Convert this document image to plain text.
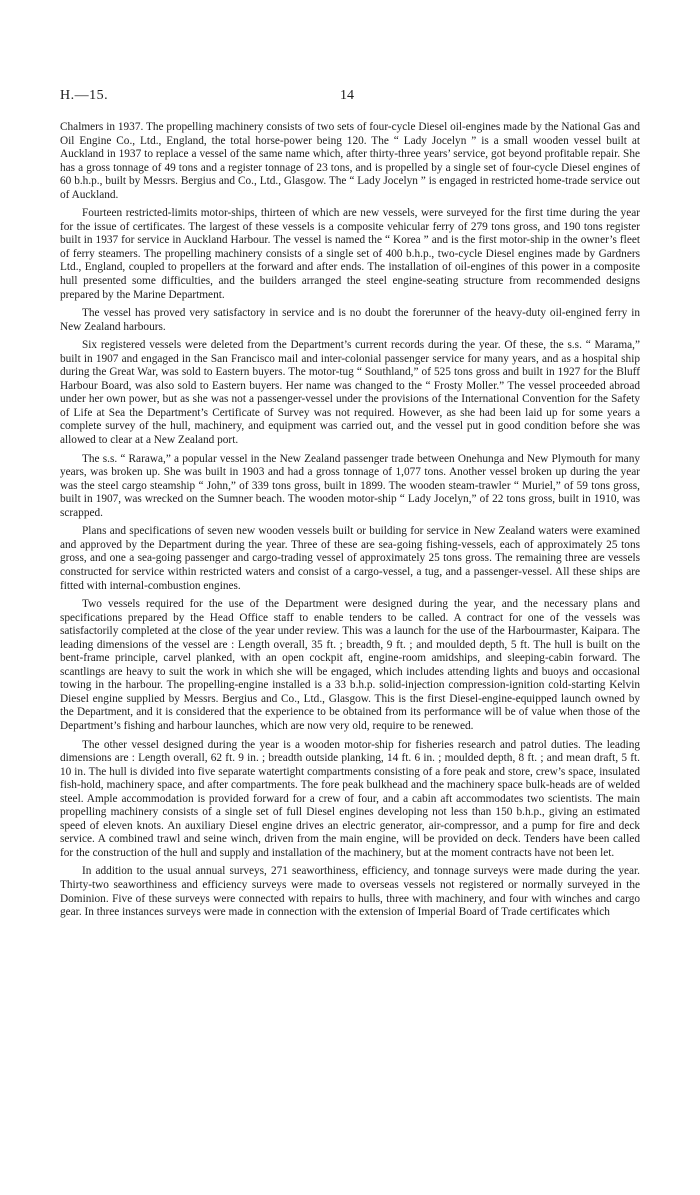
H.—15.	14

Chalmers in 1937. The propelling machinery consists of two sets of four-cycle Diesel oil-engines made by the National Gas and Oil Engine Co., Ltd., England, the total horse-power being 120. The “ Lady Jocelyn ” is a small wooden vessel built at Auckland in 1937 to replace a vessel of the same name which, after thirty-three years’ service, got beyond profitable repair. She has a gross tonnage of 49 tons and a register tonnage of 23 tons, and is propelled by a single set of four-cycle Diesel engines of 60 b.h.p., built by Messrs. Bergius and Co., Ltd., Glasgow. The “ Lady Jocelyn ” is engaged in restricted home-trade service out of Auckland.

Fourteen restricted-limits motor-ships, thirteen of which are new vessels, were surveyed for the first time during the year for the issue of certificates. The largest of these vessels is a composite vehicular ferry of 279 tons gross, and 190 tons register built in 1937 for service in Auckland Harbour. The vessel is named the “ Korea ” and is the first motor-ship in the owner’s fleet of ferry steamers. The propelling machinery consists of a single set of 400 b.h.p., two-cycle Diesel engines made by Gardners Ltd., England, coupled to propellers at the forward and after ends. The installation of oil-engines of this power in a composite hull presented some difficulties, and the builders arranged the steel engine-seating structure from recommended designs prepared by the Marine Department.

The vessel has proved very satisfactory in service and is no doubt the forerunner of the heavy-duty oil-engined ferry in New Zealand harbours.

Six registered vessels were deleted from the Department’s current records during the year. Of these, the s.s. “ Marama,” built in 1907 and engaged in the San Francisco mail and inter-colonial passenger service for many years, and as a hospital ship during the Great War, was sold to Eastern buyers. The motor-tug “ Southland,” of 525 tons gross and built in 1927 for the Bluff Harbour Board, was also sold to Eastern buyers. Her name was changed to the “ Frosty Moller.” The vessel proceeded abroad under her own power, but as she was not a passenger-vessel under the provisions of the International Convention for the Safety of Life at Sea the Department’s Certificate of Survey was not required. However, as she had been laid up for some years a complete survey of the hull, machinery, and equipment was carried out, and the vessel put in good condition before she was allowed to clear at a New Zealand port.

The s.s. “ Rarawa,” a popular vessel in the New Zealand passenger trade between Onehunga and New Plymouth for many years, was broken up. She was built in 1903 and had a gross tonnage of 1,077 tons. Another vessel broken up during the year was the steel cargo steamship “ John,” of 339 tons gross, built in 1899. The wooden steam-trawler “ Muriel,” of 59 tons gross, built in 1907, was wrecked on the Sumner beach. The wooden motor-ship “ Lady Jocelyn,” of 22 tons gross, built in 1910, was scrapped.

Plans and specifications of seven new wooden vessels built or building for service in New Zealand waters were examined and approved by the Department during the year. Three of these are sea-going fishing-vessels, each of approximately 25 tons gross, and one a sea-going passenger and cargo-trading vessel of approximately 25 tons gross. The remaining three are vessels constructed for service within restricted waters and consist of a cargo-vessel, a tug, and a passenger-vessel. All these ships are fitted with internal-combustion engines.

Two vessels required for the use of the Department were designed during the year, and the necessary plans and specifications prepared by the Head Office staff to enable tenders to be called. A contract for one of the vessels was satisfactorily completed at the close of the year under review. This was a launch for the use of the Harbourmaster, Kaipara. The leading dimensions of the vessel are : Length overall, 35 ft. ; breadth, 9 ft. ; and moulded depth, 5 ft. The hull is built on the bent-frame principle, carvel planked, with an open cockpit aft, engine-room amidships, and sleeping-cabin forward. The scantlings are heavy to suit the work in which she will be engaged, which includes attending lights and buoys and occasional towing in the harbour. The propelling-engine installed is a 33 b.h.p. solid-injection compression-ignition cold-starting Kelvin Diesel engine supplied by Messrs. Bergius and Co., Ltd., Glasgow. This is the first Diesel-engine-equipped launch owned by the Department, and it is considered that the experience to be obtained from its performance will be of value when those of the Department’s fishing and harbour launches, which are now very old, require to be renewed.

The other vessel designed during the year is a wooden motor-ship for fisheries research and patrol duties. The leading dimensions are : Length overall, 62 ft. 9 in. ; breadth outside planking, 14 ft. 6 in. ; moulded depth, 8 ft. ; and mean draft, 5 ft. 10 in. The hull is divided into five separate watertight compartments consisting of a fore peak and store, crew’s space, insulated fish-hold, machinery space, and after compartments. The fore peak bulkhead and the machinery space bulk-heads are of welded steel. Ample accommodation is provided forward for a crew of four, and a cabin aft accommodates two scientists. The main propelling machinery consists of a single set of full Diesel engines developing not less than 150 b.h.p., giving an estimated speed of eleven knots. An auxiliary Diesel engine drives an electric generator, air-compressor, and a pump for fire and deck service. A combined trawl and seine winch, driven from the main engine, will be provided on deck. Tenders have been called for the construction of the hull and supply and installation of the machinery, but at the moment contracts have not been let.

In addition to the usual annual surveys, 271 seaworthiness, efficiency, and tonnage surveys were made during the year. Thirty-two seaworthiness and efficiency surveys were made to overseas vessels not registered or normally surveyed in the Dominion. Five of these surveys were connected with repairs to hulls, three with machinery, and four with winches and cargo gear. In three instances surveys were made in connection with the extension of Imperial Board of Trade certificates which
